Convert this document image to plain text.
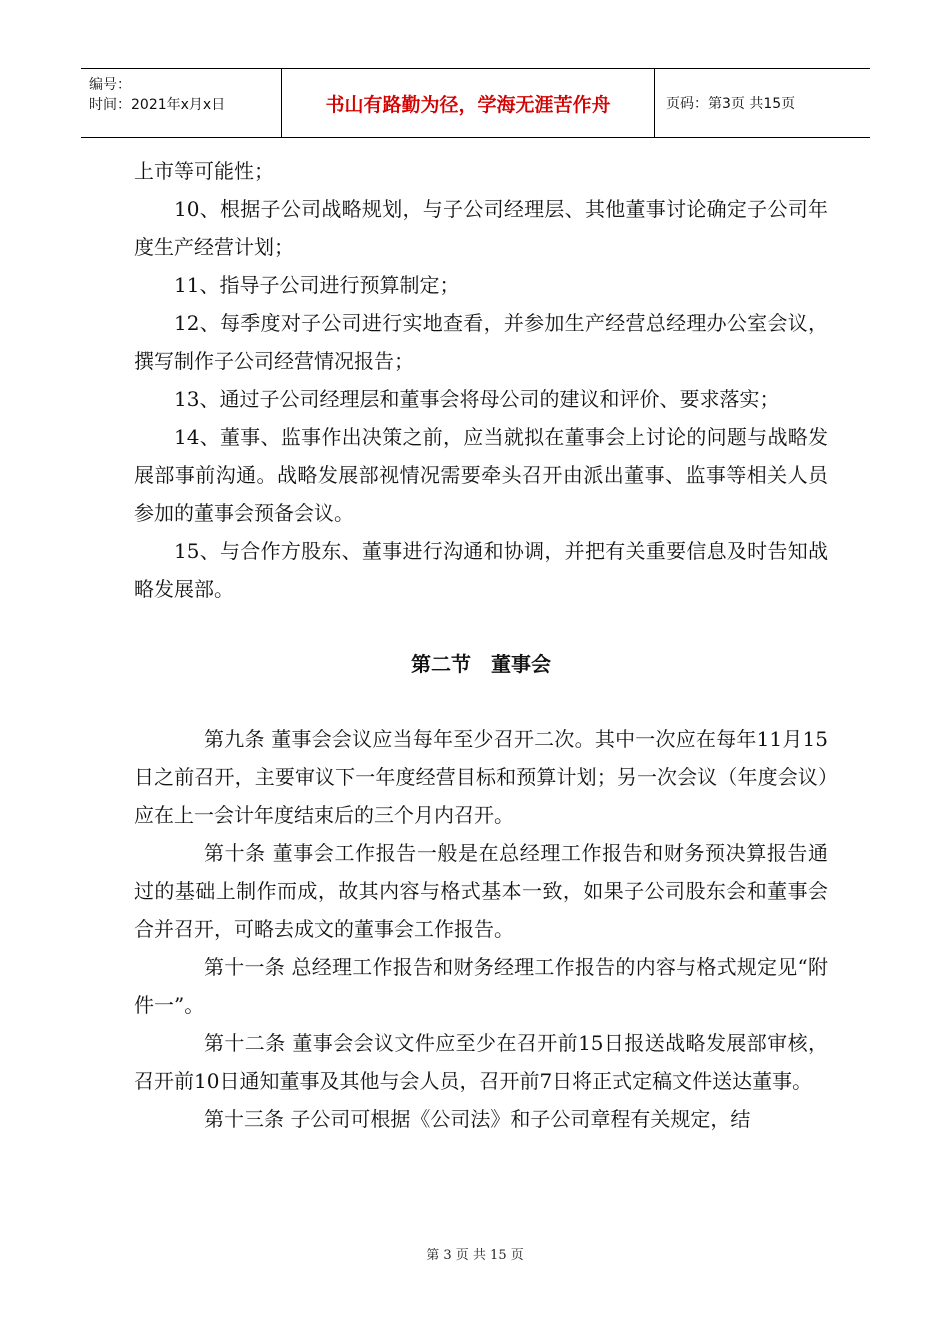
编号：
时间：2021年x月x日	书山有路勤为径，学海无涯苦作舟	页码：第3页 共15页

上市等可能性；

10、根据子公司战略规划，与子公司经理层、其他董事讨论确定子公司年度生产经营计划；

11、指导子公司进行预算制定；

12、每季度对子公司进行实地查看，并参加生产经营总经理办公室会议，撰写制作子公司经营情况报告；

13、通过子公司经理层和董事会将母公司的建议和评价、要求落实；

14、董事、监事作出决策之前，应当就拟在董事会上讨论的问题与战略发展部事前沟通。战略发展部视情况需要牵头召开由派出董事、监事等相关人员参加的董事会预备会议。

15、与合作方股东、董事进行沟通和协调，并把有关重要信息及时告知战略发展部。

第二节　董事会

第九条 董事会会议应当每年至少召开二次。其中一次应在每年11月15日之前召开，主要审议下一年度经营目标和预算计划；另一次会议（年度会议）应在上一会计年度结束后的三个月内召开。

第十条 董事会工作报告一般是在总经理工作报告和财务预决算报告通过的基础上制作而成，故其内容与格式基本一致，如果子公司股东会和董事会合并召开，可略去成文的董事会工作报告。

第十一条 总经理工作报告和财务经理工作报告的内容与格式规定见“附件一”。

第十二条 董事会会议文件应至少在召开前15日报送战略发展部审核，召开前10日通知董事及其他与会人员，召开前7日将正式定稿文件送达董事。

第十三条 子公司可根据《公司法》和子公司章程有关规定，结

第 3 页 共 15 页
